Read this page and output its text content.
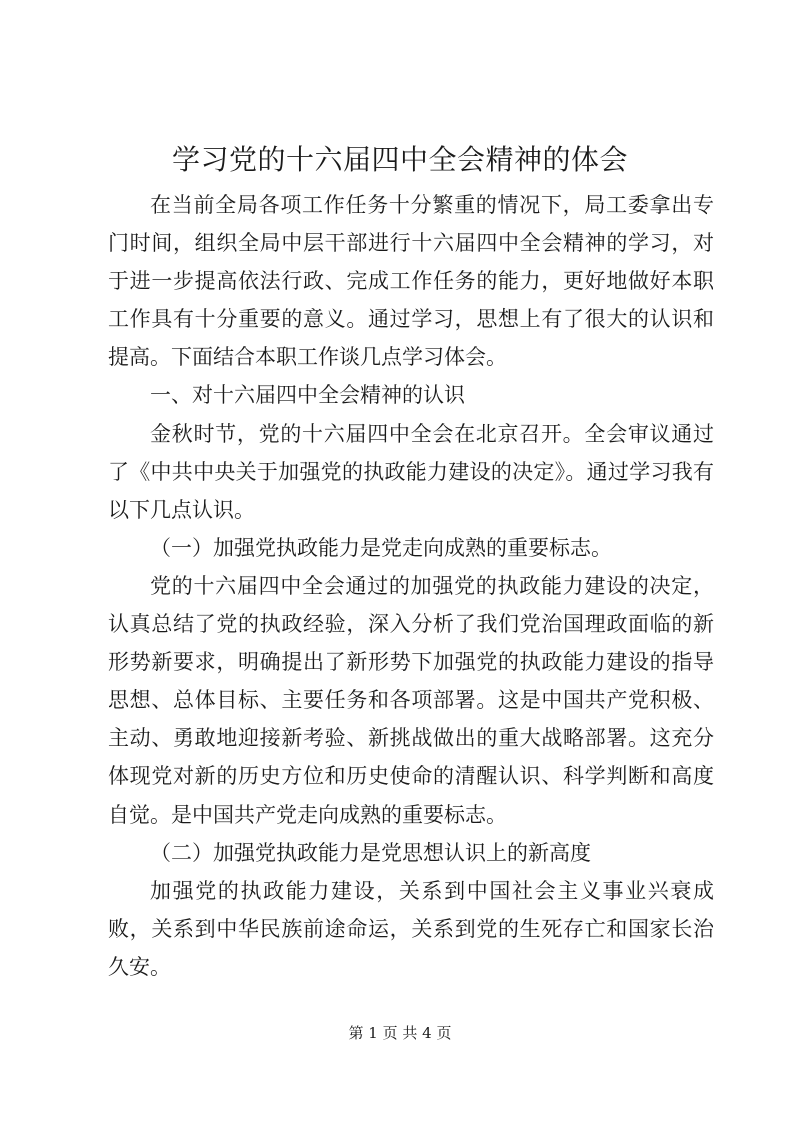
学习党的十六届四中全会精神的体会

在当前全局各项工作任务十分繁重的情况下，局工委拿出专门时间，组织全局中层干部进行十六届四中全会精神的学习，对于进一步提高依法行政、完成工作任务的能力，更好地做好本职工作具有十分重要的意义。通过学习，思想上有了很大的认识和提高。下面结合本职工作谈几点学习体会。

一、对十六届四中全会精神的认识

金秋时节，党的十六届四中全会在北京召开。全会审议通过了《中共中央关于加强党的执政能力建设的决定》。通过学习我有以下几点认识。

（一）加强党执政能力是党走向成熟的重要标志。

党的十六届四中全会通过的加强党的执政能力建设的决定，认真总结了党的执政经验，深入分析了我们党治国理政面临的新形势新要求，明确提出了新形势下加强党的执政能力建设的指导思想、总体目标、主要任务和各项部署。这是中国共产党积极、主动、勇敢地迎接新考验、新挑战做出的重大战略部署。这充分体现党对新的历史方位和历史使命的清醒认识、科学判断和高度自觉。是中国共产党走向成熟的重要标志。

（二）加强党执政能力是党思想认识上的新高度

加强党的执政能力建设，关系到中国社会主义事业兴衰成败，关系到中华民族前途命运，关系到党的生死存亡和国家长治久安。

第 1 页 共 4 页
